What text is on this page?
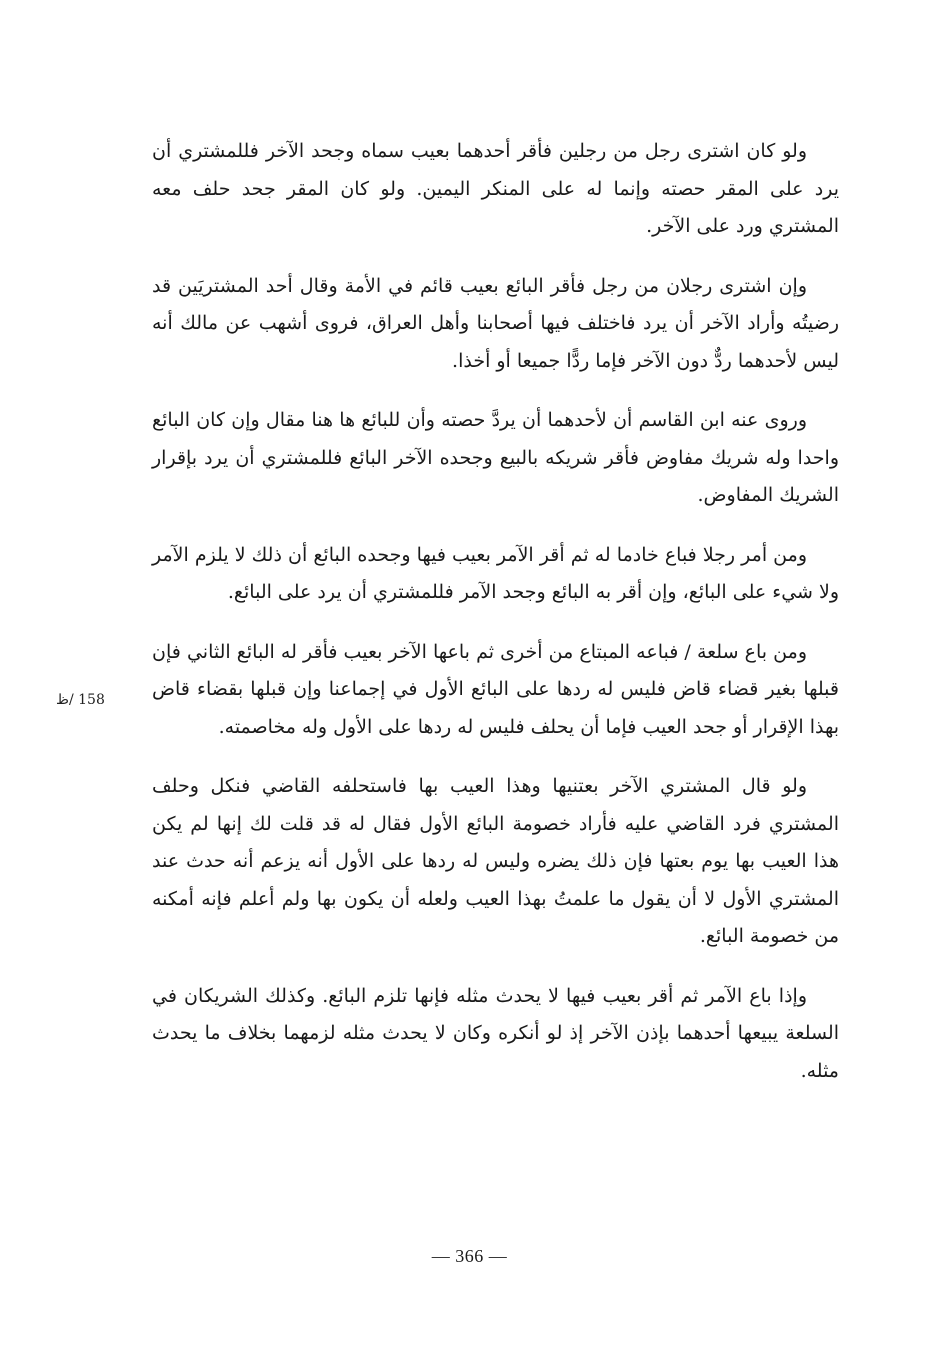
ولو كان اشترى رجل من رجلين فأقر أحدهما بعيب سماه وجحد الآخر فللمشتري أن يرد على المقر حصته وإنما له على المنكر اليمين. ولو كان المقر جحد حلف معه المشتري ورد على الآخر.

وإن اشترى رجلان من رجل فأقر البائع بعيب قائم في الأمة وقال أحد المشتريَين قد رضيتُه وأراد الآخر أن يرد فاختلف فيها أصحابنا وأهل العراق، فروى أشهب عن مالك أنه ليس لأحدهما ردٌّ دون الآخر فإما ردًّا جميعا أو أخذا.

وروى عنه ابن القاسم أن لأحدهما أن يردَّ حصته وأن للبائع ها هنا مقال وإن كان البائع واحدا وله شريك مفاوض فأقر شريكه بالبيع وجحده الآخر البائع فللمشتري أن يرد بإقرار الشريك المفاوض.

ومن أمر رجلا فباع خادما له ثم أقر الآمر بعيب فيها وجحده البائع أن ذلك لا يلزم الآمر ولا شيء على البائع، وإن أقر به البائع وجحد الآمر فللمشتري أن يرد على البائع.

ومن باع سلعة / فباعه المبتاع من أخرى ثم باعها الآخر بعيب فأقر له البائع الثاني فإن قبلها بغير قضاء قاض فليس له ردها على البائع الأول في إجماعنا وإن قبلها بقضاء قاض بهذا الإقرار أو جحد العيب فإما أن يحلف فليس له ردها على الأول وله مخاصمته.

ولو قال المشتري الآخر بعتنيها وهذا العيب بها فاستحلفه القاضي فنكل وحلف المشتري فرد القاضي عليه فأراد خصومة البائع الأول فقال له قد قلت لك إنها لم يكن هذا العيب بها يوم بعتها فإن ذلك يضره وليس له ردها على الأول أنه يزعم أنه حدث عند المشتري الأول لا أن يقول ما علمتُ بهذا العيب ولعله أن يكون بها ولم أعلم فإنه أمكنه من خصومة البائع.

وإذا باع الآمر ثم أقر بعيب فيها لا يحدث مثله فإنها تلزم البائع. وكذلك الشريكان في السلعة يبيعها أحدهما بإذن الآخر إذ لو أنكره وكان لا يحدث مثله لزمهما بخلاف ما يحدث مثله.

158 /ظ
— 366 —
